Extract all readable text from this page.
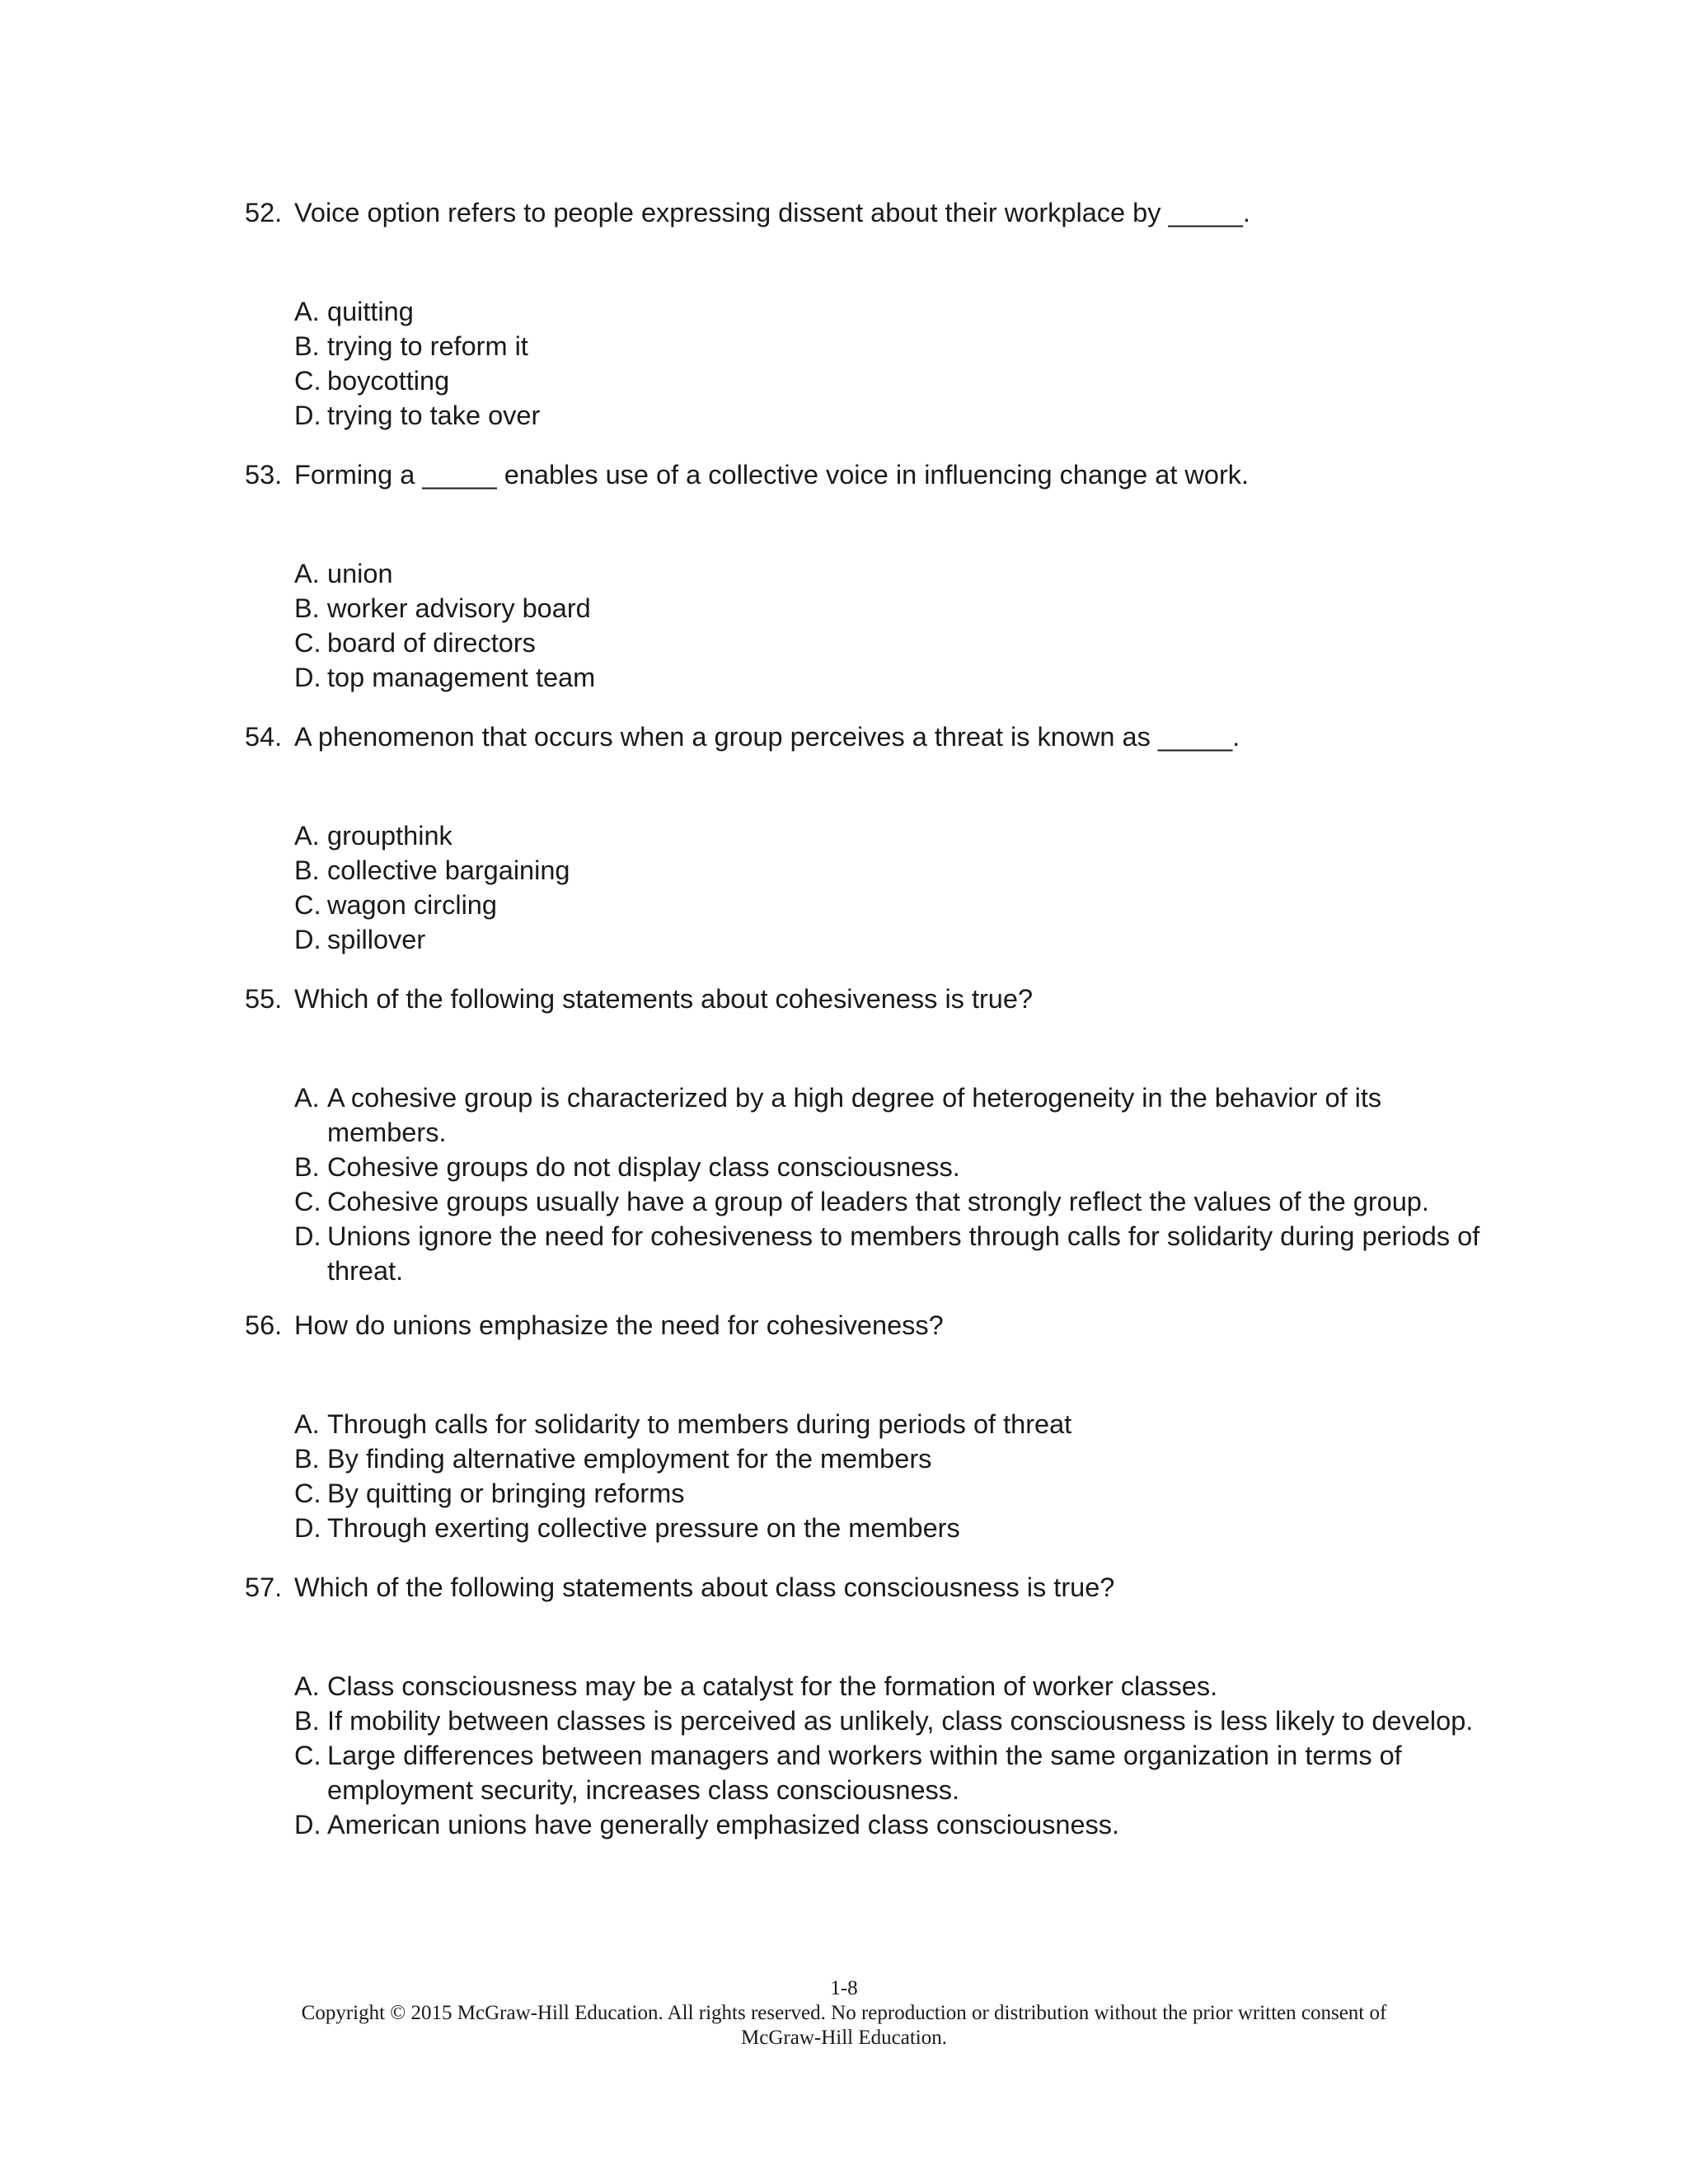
52. Voice option refers to people expressing dissent about their workplace by _____.
A. quitting
B. trying to reform it
C. boycotting
D. trying to take over
53. Forming a _____ enables use of a collective voice in influencing change at work.
A. union
B. worker advisory board
C. board of directors
D. top management team
54. A phenomenon that occurs when a group perceives a threat is known as _____.
A. groupthink
B. collective bargaining
C. wagon circling
D. spillover
55. Which of the following statements about cohesiveness is true?
A. A cohesive group is characterized by a high degree of heterogeneity in the behavior of its members.
B. Cohesive groups do not display class consciousness.
C. Cohesive groups usually have a group of leaders that strongly reflect the values of the group.
D. Unions ignore the need for cohesiveness to members through calls for solidarity during periods of threat.
56. How do unions emphasize the need for cohesiveness?
A. Through calls for solidarity to members during periods of threat
B. By finding alternative employment for the members
C. By quitting or bringing reforms
D. Through exerting collective pressure on the members
57. Which of the following statements about class consciousness is true?
A. Class consciousness may be a catalyst for the formation of worker classes.
B. If mobility between classes is perceived as unlikely, class consciousness is less likely to develop.
C. Large differences between managers and workers within the same organization in terms of employment security, increases class consciousness.
D. American unions have generally emphasized class consciousness.
1-8
Copyright © 2015 McGraw-Hill Education. All rights reserved. No reproduction or distribution without the prior written consent of
McGraw-Hill Education.
